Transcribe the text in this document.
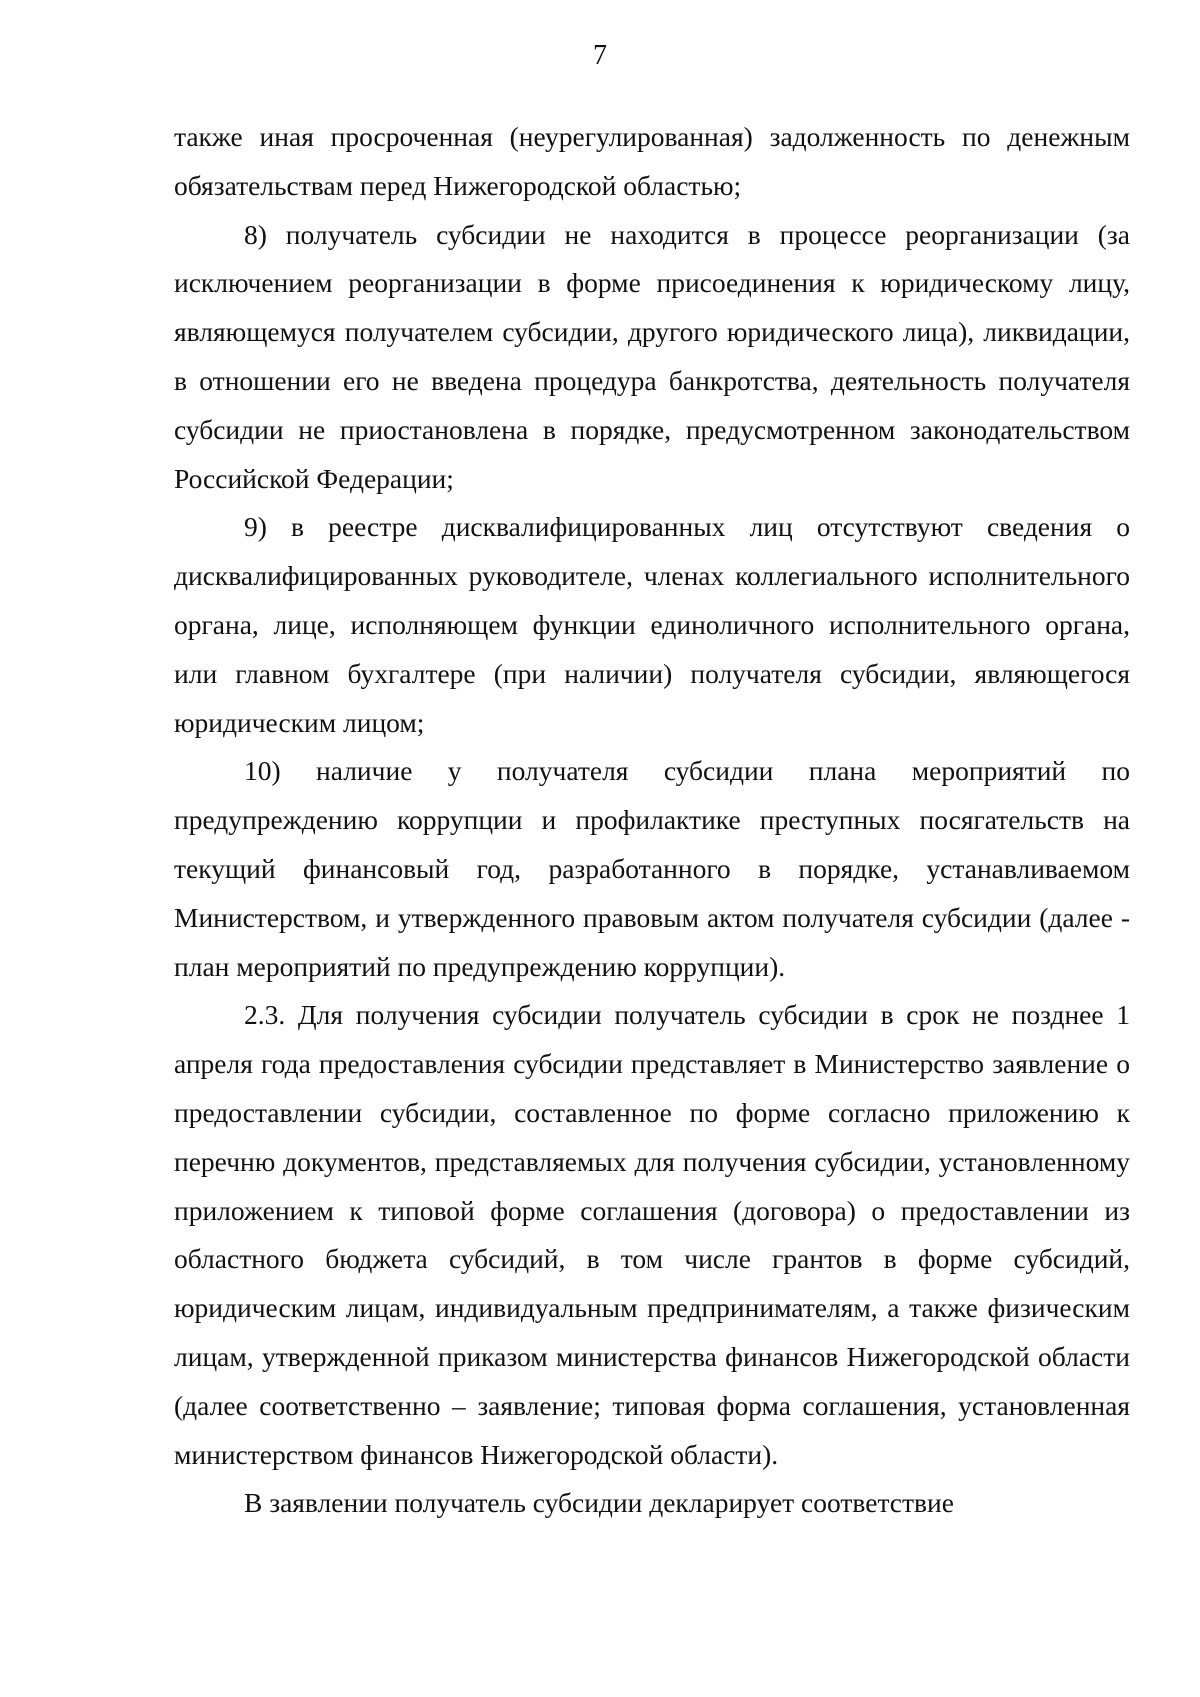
7

также иная просроченная (неурегулированная) задолженность по денежным обязательствам перед Нижегородской областью;

8) получатель субсидии не находится в процессе реорганизации (за исключением реорганизации в форме присоединения к юридическому лицу, являющемуся получателем субсидии, другого юридического лица), ликвидации, в отношении его не введена процедура банкротства, деятельность получателя субсидии не приостановлена в порядке, предусмотренном законодательством Российской Федерации;

9) в реестре дисквалифицированных лиц отсутствуют сведения о дисквалифицированных руководителе, членах коллегиального исполнительного органа, лице, исполняющем функции единоличного исполнительного органа, или главном бухгалтере (при наличии) получателя субсидии, являющегося юридическим лицом;

10) наличие у получателя субсидии плана мероприятий по предупреждению коррупции и профилактике преступных посягательств на текущий финансовый год, разработанного в порядке, устанавливаемом Министерством, и утвержденного правовым актом получателя субсидии (далее - план мероприятий по предупреждению коррупции).

2.3. Для получения субсидии получатель субсидии в срок не позднее 1 апреля года предоставления субсидии представляет в Министерство заявление о предоставлении субсидии, составленное по форме согласно приложению к перечню документов, представляемых для получения субсидии, установленному приложением к типовой форме соглашения (договора) о предоставлении из областного бюджета субсидий, в том числе грантов в форме субсидий, юридическим лицам, индивидуальным предпринимателям, а также физическим лицам, утвержденной приказом министерства финансов Нижегородской области (далее соответственно – заявление; типовая форма соглашения, установленная министерством финансов Нижегородской области).

В заявлении получатель субсидии декларирует соответствие
